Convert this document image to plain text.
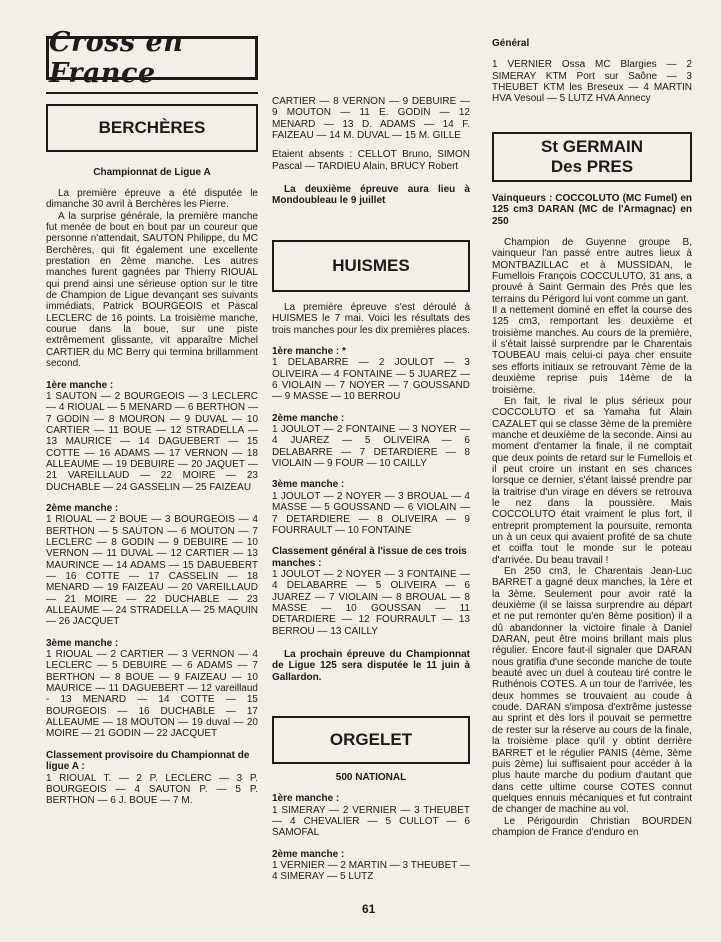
Cross en France
BERCHÈRES
Championnat de Ligue A

La première épreuve a été disputée le dimanche 30 avril à Berchères les Pierre.

A la surprise générale, la première manche fut menée de bout en bout par un coureur que personne n'attendait, SAUTON Philippe, du MC Berchères, qui fit également une excellente prestation en 2ème manche. Les autres manches furent gagnées par Thierry RIOUAL qui prend ainsi une sérieuse option sur le titre de Champion de Ligue devançant ses suivants immédiats, Patrick BOURGEOIS et Pascal LECLERC de 16 points. La troisième manche, courue dans la boue, sur une piste extrêmement glissante, vit apparaître Michel CARTIER du MC Berry qui termina brillamment second.

1ère manche :

1 SAUTON — 2 BOURGEOIS — 3 LECLERC — 4 RIOUAL — 5 MENARD — 6 BERTHON — 7 GODIN — 8 MOURON — 9 DUVAL — 10 CARTIER — 11 BOUE — 12 STRADELLA — 13 MAURICE — 14 DAGUEBERT — 15 COTTE — 16 ADAMS — 17 VERNON — 18 ALLEAUME — 19 DEBUIRE — 20 JAQUET — 21 VAREILLAUD — 22 MOIRE — 23 DUCHABLE — 24 GASSELIN — 25 FAIZEAU

2ème manche :

1 RIOUAL — 2 BOUE — 3 BOURGEOIS — 4 BERTHON — 5 SAUTON — 6 MOUTON — 7 LECLERC — 8 GODIN — 9 DEBUIRE — 10 VERNON — 11 DUVAL — 12 CARTIER — 13 MAURINCE — 14 ADAMS — 15 DABUEBERT — 16 COTTE — 17 CASSELIN — 18 MENARD — 19 FAIZEAU — 20 VAREILLAUD — 21 MOIRE — 22 DUCHABLE — 23 ALLEAUME — 24 STRADELLA — 25 MAQUIN — 26 JACQUET

3ème manche :

1 RIOUAL — 2 CARTIER — 3 VERNON — 4 LECLERC — 5 DEBUIRE — 6 ADAMS — 7 BERTHON — 8 BOUE — 9 FAIZEAU — 10 MAURICE — 11 DAGUEBERT — 12 vareillaud - 13 MENARD — 14 COTTE — 15 BOURGEOIS — 16 DUCHABLE — 17 ALLEAUME — 18 MOUTON — 19 duval — 20 MOIRE — 21 GODIN — 22 JACQUET

Classement provisoire du Championnat de ligue A :

1 RIOUAL T. — 2 P. LECLERC — 3 P. BOURGEOIS — 4 SAUTON P. — 5 P. BERTHON — 6 J. BOUE — 7 M.

CARTIER — 8 VERNON — 9 DEBUIRE — 9 MOUTON — 11 E. GODIN — 12 MENARD — 13 D. ADAMS — 14 F. FAIZEAU — 14 M. DUVAL — 15 M. GILLE

Etaient absents : CELLOT Bruno, SIMON Pascal — TARDIEU Alain, BRUCY Robert

La deuxième épreuve aura lieu à Mondoubleau le 9 juillet

HUISMES

La première épreuve s'est déroulé à HUISMES le 7 mai. Voici les résultats des trois manches pour les dix premières places.

1ère manche : *

1 DELABARRE — 2 JOULOT — 3 OLIVEIRA — 4 FONTAINE — 5 JUAREZ — 6 VIOLAIN — 7 NOYER — 7 GOUSSAND — 9 MASSE — 10 BERROU

2ème manche :

1 JOULOT — 2 FONTAINE — 3 NOYER — 4 JUAREZ — 5 OLIVEIRA — 6 DELABARRE — 7 DETARDIERE — 8 VIOLAIN — 9 FOUR — 10 CAILLY

3ème manche :

1 JOULOT — 2 NOYER — 3 BROUAL — 4 MASSE — 5 GOUSSAND — 6 VIOLAIN — 7 DETARDIERE — 8 OLIVEIRA — 9 FOURRAULT — 10 FONTAINE

Classement général à l'issue de ces trois manches :

1 JOULOT — 2 NOYER — 3 FONTAINE — 4 DELABARRE — 5 OLIVEIRA — 6 JUAREZ — 7 VIOLAIN — 8 BROUAL — 8 MASSE — 10 GOUSSAN — 11 DETARDIERE — 12 FOURRAULT — 13 BERROU — 13 CAILLY

La prochain épreuve du Championnat de Ligue 125 sera disputée le 11 juin à Gallardon.

ORGELET
500 NATIONAL
1ère manche :

1 SIMERAY — 2 VERNIER — 3 THEUBET — 4 CHEVALIER — 5 CULLOT — 6 SAMOFAL

2ème manche :

1 VERNIER — 2 MARTIN — 3 THEUBET — 4 SIMERAY — 5 LUTZ

Général

1 VERNIER Ossa MC Blargies — 2 SIMERAY KTM Port sur Saône — 3 THEUBET KTM les Breseux — 4 MARTIN HVA Vesoul — 5 LUTZ HVA Annecy

St GERMAIN
Des PRES

Vainqueurs : COCCOLUTO (MC Fumel) en 125 cm3 DARAN (MC de l'Armagnac) en 250

Champion de Guyenne groupe B, vainqueur l'an passé entre autres lieux à MONTBAZILLAC et à MUSSIDAN, le Fumellois François COCCULUTO, 31 ans, a prouvé à Saint Germain des Prés que les terrains du Périgord lui vont comme un gant.

Il a nettement dominé en effet la course des 125 cm3, remportant les deuxième et troisième manches. Au cours de la première, il s'était laissé surprendre par le Charentais TOUBEAU mais celui-ci paya cher ensuite ses efforts initiaux se retrouvant 7ème de la deuxième reprise puis 14ème de la troisième.

En fait, le rival le plus sérieux pour COCCOLUTO et sa Yamaha fut Alain CAZALET qui se classe 3ème de la première manche et deuxième de la seconde. Ainsi au moment d'entamer la finale, il ne comptait que deux points de retard sur le Fumellois et il peut croire un instant en ses chances lorsque ce dernier, s'étant laissé prendre par la traitrise d'un virage en dévers se retrouva le nez dans la poussière. Mais COCCOLUTO était vraiment le plus fort, il entreprit promptement la poursuite, remonta un à un ceux qui avaient profité de sa chute et coiffa tout le monde sur le poteau d'arrivée. Du beau travail !

En 250 cm3, le Charentais Jean-Luc BARRET a gagné deux manches, la 1ère et la 3ème. Seulement pour avoir raté la deuxième (il se laissa surprendre au départ et ne put remonter qu'en 8ème position) il a dû abandonner la victoire finale à Daniel DARAN, peut être moins brillant mais plus régulier. Encore faut-il signaler que DARAN nous gratifia d'une seconde manche de toute beauté avec un duel à couteau tiré contre le Ruthénois COTES. A un tour de l'arrivée, les deux hommes se trouvaient au coude à coude. DARAN s'imposa d'extrême justesse au sprint et dès lors il pouvait se permettre de rester sur la réserve au cours de la finale, la troisième place qu'il y obtint derrière BARRET et le régulier PANIS (4ème, 3ème puis 2ème) lui suffisaient pour accéder à la plus haute marche du podium d'autant que dans cette ultime course COTES connut quelques ennuis mécaniques et fut contraint de changer de machine au vol.

Le Périgourdin Christian BOURDEN champion de France d'enduro en

61
